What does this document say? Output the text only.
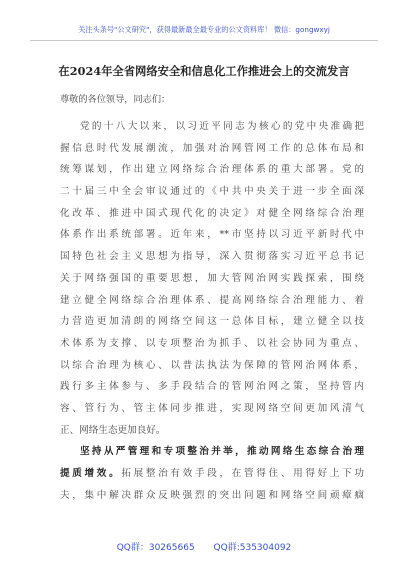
关注头条号"公文研究"，获得最新最全最专业的公文资料库！ 微信：gongwxyj
在2024年全省网络安全和信息化工作推进会上的交流发言
尊敬的各位领导，同志们：
党的十八大以来，以习近平同志为核心的党中央准确把
握信息时代发展潮流，加强对治网管网工作的总体布局和
统筹谋划，作出建立网络综合治理体系的重大部署。党的
二十届三中全会审议通过的《中共中央关于进一步全面深
化改革、推进中国式现代化的决定》对健全网络综合治理
体系作出系统部署。近年来，**市坚持以习近平新时代中
国特色社会主义思想为指导，深入贯彻落实习近平总书记
关于网络强国的重要思想，加大管网治网实践探索，围绕
建立健全网络综合治理体系、提高网络综合治理能力、着
力营造更加清朗的网络空间这一总体目标，建立健全以技
术体系为支撑、以专项整治为抓手、以社会协同为重点、
以综合治理为核心、以普法执法为保障的管网治网体系，
践行多主体参与、多手段结合的管网治网之策，坚持管内
容、管行为、管主体同步推进，实现网络空间更加风清气
正、网络生态更加良好。
坚持从严管理和专项整治并举，推动网络生态综合治理
提质增效。拓展整治有效手段，在管得住、用得好上下功
夫，集中解决群众反映强烈的突出问题和网络空间顽瘴痼
QQ群：30265665 QQ群:535304092
